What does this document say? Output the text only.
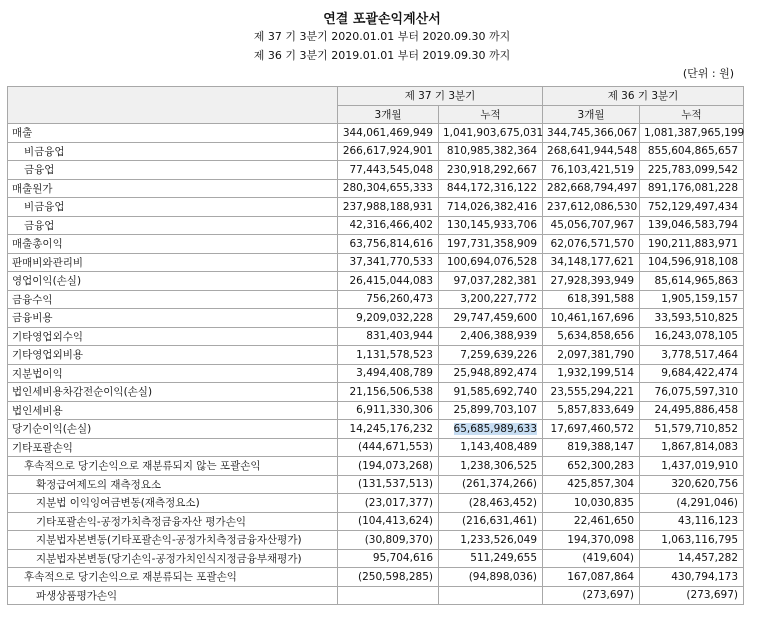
연결 포괄손익계산서
제 37 기 3분기 2020.01.01 부터 2020.09.30 까지
제 36 기 3분기 2019.01.01 부터 2019.09.30 까지
(단위 : 원)
	제 37 기 3분기		제 36 기 3분기	
	3개월	누적	3개월	누적
매출	344,061,469,949	1,041,903,675,031	344,745,366,067	1,081,387,965,199
비금융업	266,617,924,901	810,985,382,364	268,641,944,548	855,604,865,657
금융업	77,443,545,048	230,918,292,667	76,103,421,519	225,783,099,542
매출원가	280,304,655,333	844,172,316,122	282,668,794,497	891,176,081,228
비금융업	237,988,188,931	714,026,382,416	237,612,086,530	752,129,497,434
금융업	42,316,466,402	130,145,933,706	45,056,707,967	139,046,583,794
매출총이익	63,756,814,616	197,731,358,909	62,076,571,570	190,211,883,971
판매비와관리비	37,341,770,533	100,694,076,528	34,148,177,621	104,596,918,108
영업이익(손실)	26,415,044,083	97,037,282,381	27,928,393,949	85,614,965,863
금융수익	756,260,473	3,200,227,772	618,391,588	1,905,159,157
금융비용	9,209,032,228	29,747,459,600	10,461,167,696	33,593,510,825
기타영업외수익	831,403,944	2,406,388,939	5,634,858,656	16,243,078,105
기타영업외비용	1,131,578,523	7,259,639,226	2,097,381,790	3,778,517,464
지분법이익	3,494,408,789	25,948,892,474	1,932,199,514	9,684,422,474
법인세비용차감전순이익(손실)	21,156,506,538	91,585,692,740	23,555,294,221	76,075,597,310
법인세비용	6,911,330,306	25,899,703,107	5,857,833,649	24,495,886,458
당기순이익(손실)	14,245,176,232	65,685,989,633	17,697,460,572	51,579,710,852
기타포괄손익	(444,671,553)	1,143,408,489	819,388,147	1,867,814,083
후속적으로 당기손익으로 재분류되지 않는 포괄손익	(194,073,268)	1,238,306,525	652,300,283	1,437,019,910
확정급여제도의 재측정요소	(131,537,513)	(261,374,266)	425,857,304	320,620,756
지분법 이익잉여금변동(재측정요소)	(23,017,377)	(28,463,452)	10,030,835	(4,291,046)
기타포괄손익-공정가치측정금융자산 평가손익	(104,413,624)	(216,631,461)	22,461,650	43,116,123
지분법자본변동(기타포괄손익-공정가치측정금융자산평가)	(30,809,370)	1,233,526,049	194,370,098	1,063,116,795
지분법자본변동(당기손익-공정가치인식지정금융부채평가)	95,704,616	511,249,655	(419,604)	14,457,282
후속적으로 당기손익으로 재분류되는 포괄손익	(250,598,285)	(94,898,036)	167,087,864	430,794,173
파생상품평가손익			(273,697)	(273,697)
